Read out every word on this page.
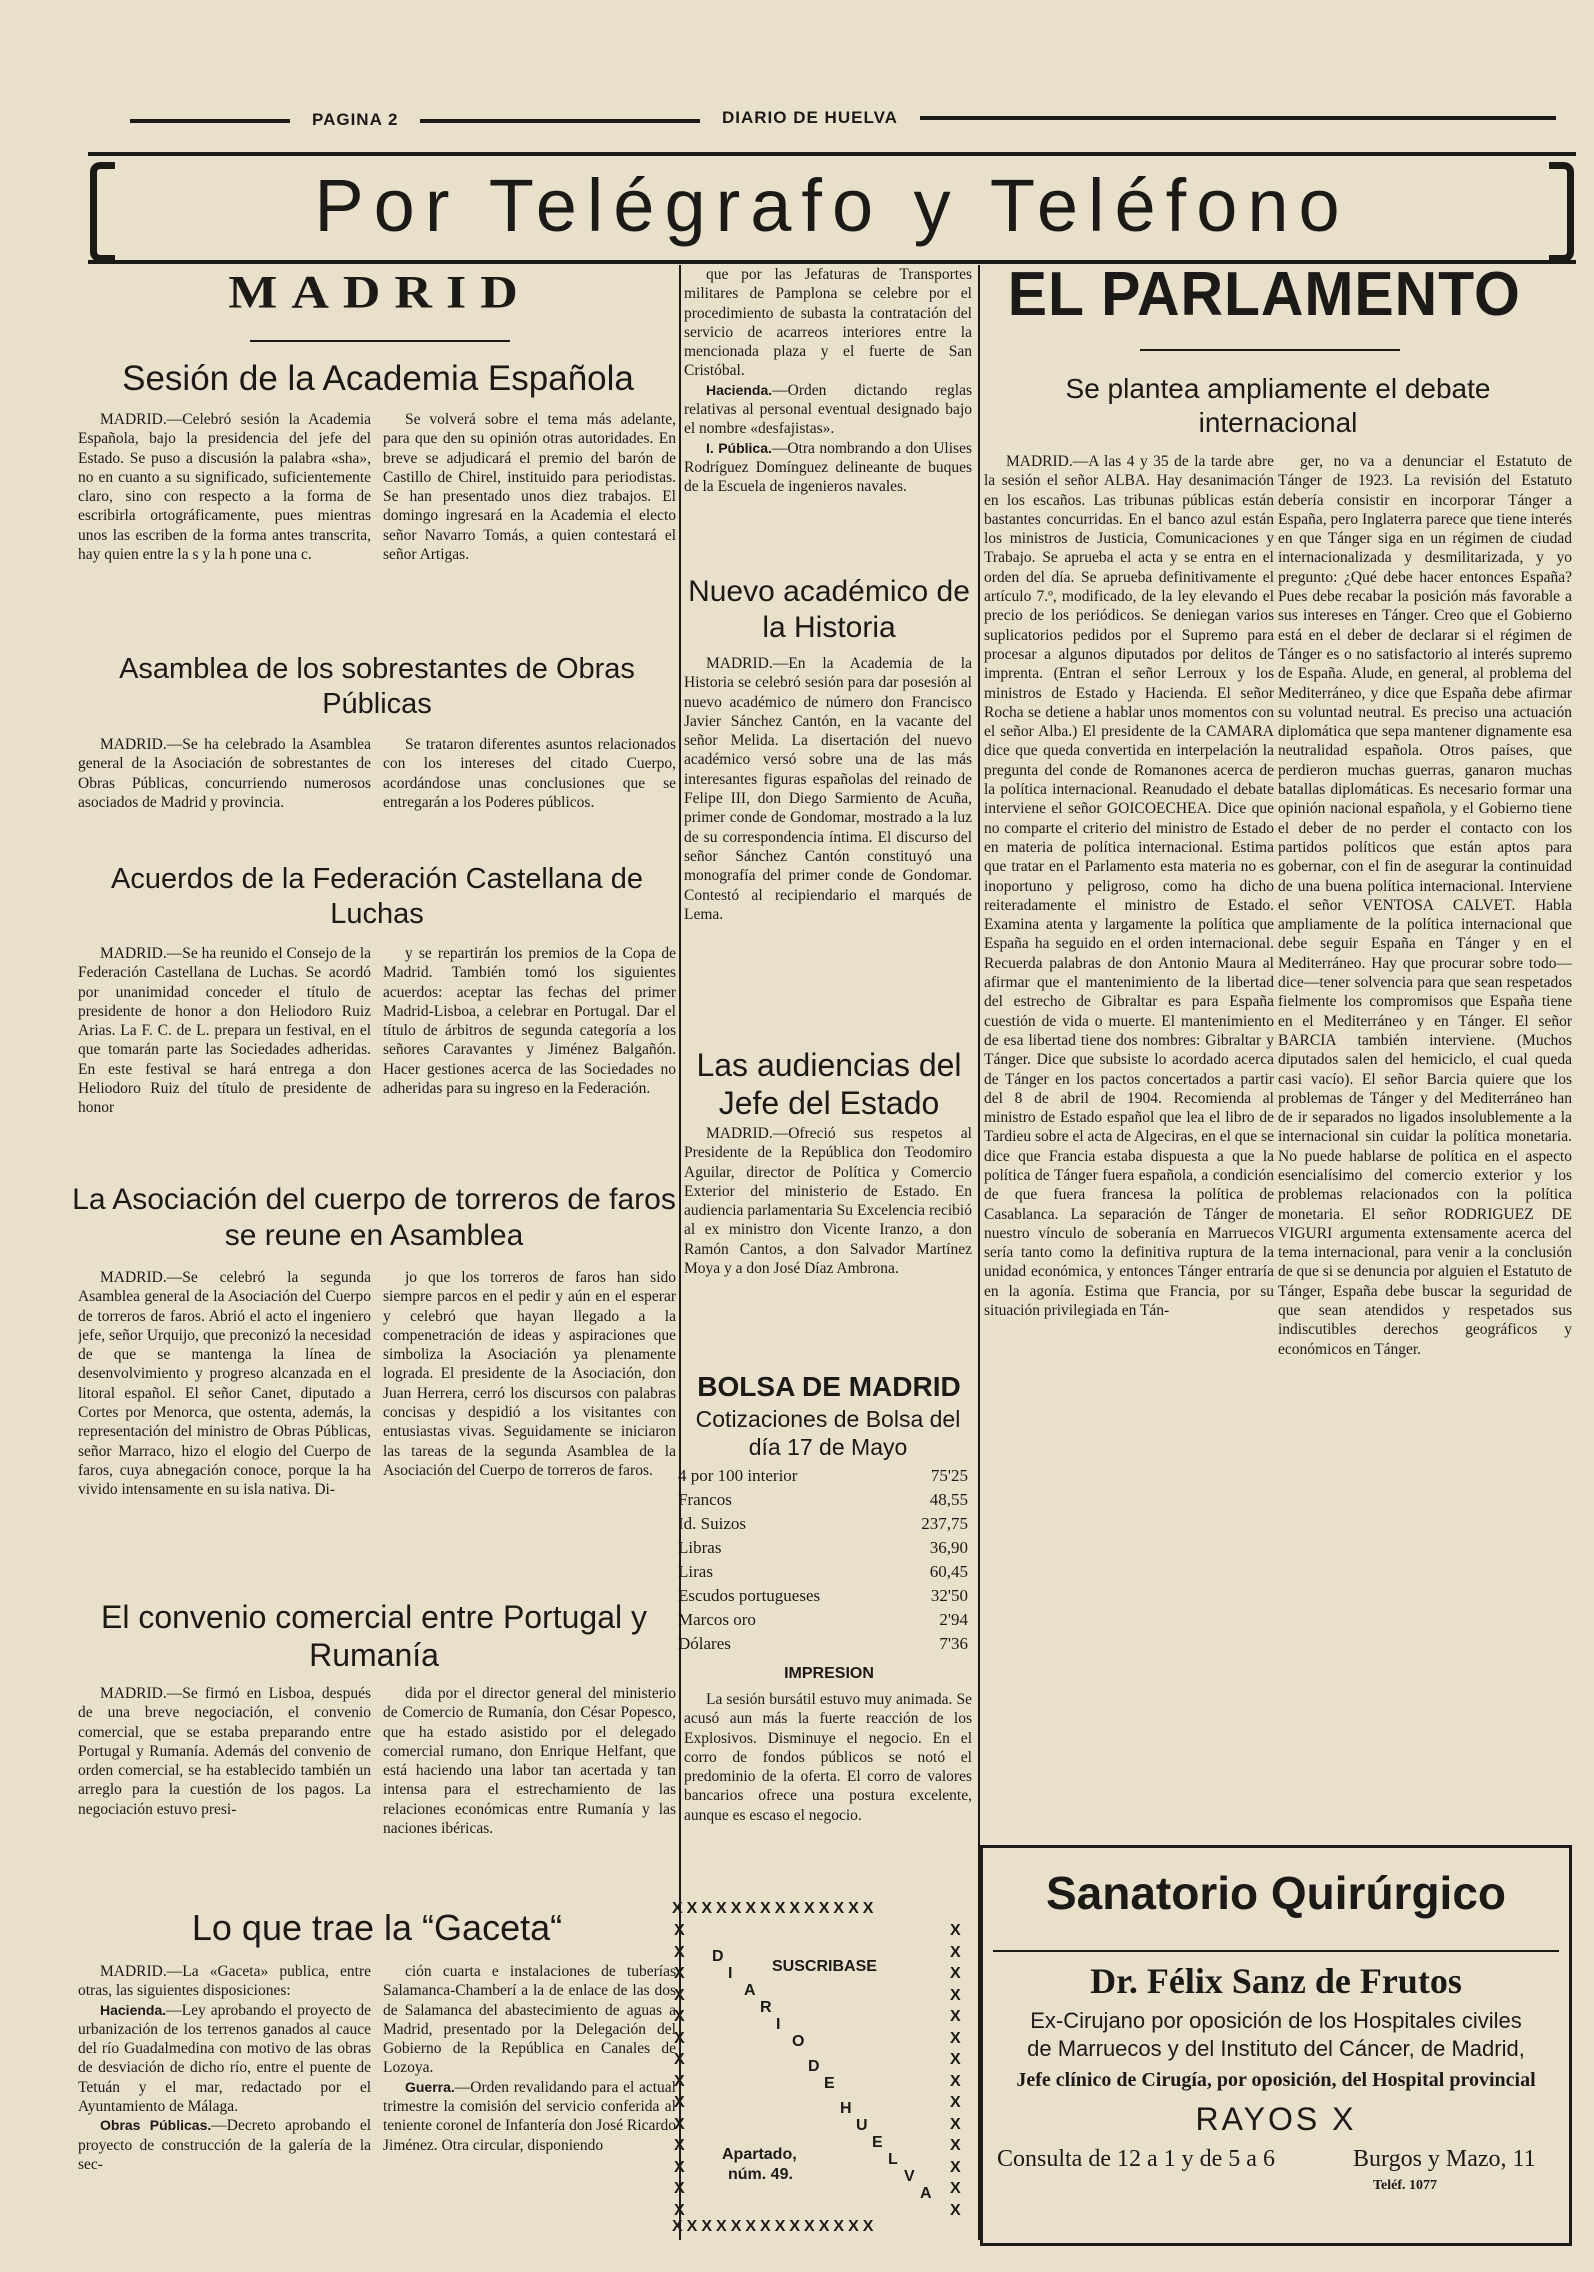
PAGINA 2	DIARIO DE HUELVA
Por Telégrafo y Teléfono
MADRID
Sesión de la Academia Española

MADRID.—Celebró sesión la Academia Española, bajo la presidencia del jefe del Estado. Se puso a discusión la palabra «sha», no en cuanto a su significado, suficientemente claro, sino con respecto a la forma de escribirla ortográficamente, pues mientras unos las escriben de la forma antes transcrita, hay quien entre la s y la h pone una c.

Se volverá sobre el tema más adelante, para que den su opinión otras autoridades. En breve se adjudicará el premio del barón de Castillo de Chirel, instituido para periodistas. Se han presentado unos diez trabajos. El domingo ingresará en la Academia el electo señor Navarro Tomás, a quien contestará el señor Artigas.

Asamblea de los sobrestantes de Obras Públicas

MADRID.—Se ha celebrado la Asamblea general de la Asociación de sobrestantes de Obras Públicas, concurriendo numerosos asociados de Madrid y provincia.

Se trataron diferentes asuntos relacionados con los intereses del citado Cuerpo, acordándose unas conclusiones que se entregarán a los Poderes públicos.

Acuerdos de la Federación Castellana de Luchas

MADRID.—Se ha reunido el Consejo de la Federación Castellana de Luchas. Se acordó por unanimidad conceder el título de presidente de honor a don Heliodoro Ruiz Arias. La F. C. de L. prepara un festival, en el que tomarán parte las Sociedades adheridas. En este festival se hará entrega a don Heliodoro Ruiz del título de presidente de honor

y se repartirán los premios de la Copa de Madrid. También tomó los siguientes acuerdos: aceptar las fechas del primer Madrid-Lisboa, a celebrar en Portugal. Dar el título de árbitros de segunda categoría a los señores Caravantes y Jiménez Balgañón. Hacer gestiones acerca de las Sociedades no adheridas para su ingreso en la Federación.

La Asociación del cuerpo de torreros de faros se reune en Asamblea

MADRID.—Se celebró la segunda Asamblea general de la Asociación del Cuerpo de torreros de faros. Abrió el acto el ingeniero jefe, señor Urquijo, que preconizó la necesidad de que se mantenga la línea de desenvolvimiento y progreso alcanzada en el litoral español. El señor Canet, diputado a Cortes por Menorca, que ostenta, además, la representación del ministro de Obras Públicas, señor Marraco, hizo el elogio del Cuerpo de faros, cuya abnegación conoce, porque la ha vivido intensamente en su isla nativa. Di-

jo que los torreros de faros han sido siempre parcos en el pedir y aún en el esperar y celebró que hayan llegado a la compenetración de ideas y aspiraciones que simboliza la Asociación ya plenamente lograda. El presidente de la Asociación, don Juan Herrera, cerró los discursos con palabras concisas y despidió a los visitantes con entusiastas vivas. Seguidamente se iniciaron las tareas de la segunda Asamblea de la Asociación del Cuerpo de torreros de faros.

El convenio comercial entre Portugal y Rumanía

MADRID.—Se firmó en Lisboa, después de una breve negociación, el convenio comercial, que se estaba preparando entre Portugal y Rumanía. Además del convenio de orden comercial, se ha establecido también un arreglo para la cuestión de los pagos. La negociación estuvo presi-

dida por el director general del ministerio de Comercio de Rumanía, don César Popesco, que ha estado asistido por el delegado comercial rumano, don Enrique Helfant, que está haciendo una labor tan acertada y tan intensa para el estrechamiento de las relaciones económicas entre Rumanía y las naciones ibéricas.

Lo que trae la “Gaceta“

MADRID.—La «Gaceta» publica, entre otras, las siguientes disposiciones:

Hacienda.—Ley aprobando el proyecto de urbanización de los terrenos ganados al cauce del río Guadalmedina con motivo de las obras de desviación de dicho río, entre el puente de Tetuán y el mar, redactado por el Ayuntamiento de Málaga.

Obras Públicas.—Decreto aprobando el proyecto de construcción de la galería de la sec-

ción cuarta e instalaciones de tuberías Salamanca-Chamberí a la de enlace de las dos de Salamanca del abastecimiento de aguas a Madrid, presentado por la Delegación del Gobierno de la República en Canales de Lozoya.

Guerra.—Orden revalidando para el actual trimestre la comisión del servicio conferida al teniente coronel de Infantería don José Ricardo Jiménez. Otra circular, disponiendo

que por las Jefaturas de Transportes militares de Pamplona se celebre por el procedimiento de subasta la contratación del servicio de acarreos interiores entre la mencionada plaza y el fuerte de San Cristóbal.

Hacienda.—Orden dictando reglas relativas al personal eventual designado bajo el nombre «desfajistas».

I. Pública.—Otra nombrando a don Ulises Rodríguez Domínguez delineante de buques de la Escuela de ingenieros navales.

Nuevo académico de la Historia

MADRID.—En la Academia de la Historia se celebró sesión para dar posesión al nuevo académico de número don Francisco Javier Sánchez Cantón, en la vacante del señor Melida. La disertación del nuevo académico versó sobre una de las más interesantes figuras españolas del reinado de Felipe III, don Diego Sarmiento de Acuña, primer conde de Gondomar, mostrado a la luz de su correspondencia íntima. El discurso del señor Sánchez Cantón constituyó una monografía del primer conde de Gondomar. Contestó al recipiendario el marqués de Lema.

Las audiencias del Jefe del Estado

MADRID.—Ofreció sus respetos al Presidente de la República don Teodomiro Aguilar, director de Política y Comercio Exterior del ministerio de Estado. En audiencia parlamentaria Su Excelencia recibió al ex ministro don Vicente Iranzo, a don Ramón Cantos, a don Salvador Martínez Moya y a don José Díaz Ambrona.

BOLSA DE MADRID
Cotizaciones de Bolsa del día 17 de Mayo
4 por 100 interior	75'25
Francos	48,55
Id. Suizos	237,75
Libras	36,90
Liras	60,45
Escudos portugueses	32'50
Marcos oro	2'94
Dólares	7'36
IMPRESION

La sesión bursátil estuvo muy animada. Se acusó aun más la fuerte reacción de los Explosivos. Disminuye el negocio. En el corro de fondos públicos se notó el predominio de la oferta. El corro de valores bancarios ofrece una postura excelente, aunque es escaso el negocio.

XXXXXXXXXXXXXX
XXXXXXXXXXXXXX
X
X
X
X
X
X
X
X
X
X
X
X
X
X
X
X
X
X
X
X
X
X
X
X
X
X
X
X
SUSCRIBASE
D
I
A
R
I
O
D
E
H
U
E
L
V
A
Apartado,
núm. 49.
EL PARLAMENTO
Se plantea ampliamente el debate internacional

MADRID.—A las 4 y 35 de la tarde abre la sesión el señor ALBA. Hay desanimación en los escaños. Las tribunas públicas están bastantes concurridas. En el banco azul están los ministros de Justicia, Comunicaciones y Trabajo. Se aprueba el acta y se entra en el orden del día. Se aprueba definitivamente el artículo 7.º, modificado, de la ley elevando el precio de los periódicos. Se deniegan varios suplicatorios pedidos por el Supremo para procesar a algunos diputados por delitos de imprenta. (Entran el señor Lerroux y los ministros de Estado y Hacienda. El señor Rocha se detiene a hablar unos momentos con el señor Alba.) El presidente de la CAMARA dice que queda convertida en interpelación la pregunta del conde de Romanones acerca de la política internacional. Reanudado el debate interviene el señor GOICOECHEA. Dice que no comparte el criterio del ministro de Estado en materia de política internacional. Estima que tratar en el Parlamento esta materia no es inoportuno y peligroso, como ha dicho reiteradamente el ministro de Estado. Examina atenta y largamente la política que España ha seguido en el orden internacional. Recuerda palabras de don Antonio Maura al afirmar que el mantenimiento de la libertad del estrecho de Gibraltar es para España cuestión de vida o muerte. El mantenimiento de esa libertad tiene dos nombres: Gibraltar y Tánger. Dice que subsiste lo acordado acerca de Tánger en los pactos concertados a partir del 8 de abril de 1904. Recomienda al ministro de Estado español que lea el libro de Tardieu sobre el acta de Algeciras, en el que se dice que Francia estaba dispuesta a que la política de Tánger fuera española, a condición de que fuera francesa la política de Casablanca. La separación de Tánger de nuestro vínculo de soberanía en Marruecos sería tanto como la definitiva ruptura de la unidad económica, y entonces Tánger entraría en la agonía. Estima que Francia, por su situación privilegiada en Tán-

ger, no va a denunciar el Estatuto de Tánger de 1923. La revisión del Estatuto debería consistir en incorporar Tánger a España, pero Inglaterra parece que tiene interés en que Tánger siga en un régimen de ciudad internacionalizada y desmilitarizada, y yo pregunto: ¿Qué debe hacer entonces España? Pues debe recabar la posición más favorable a sus intereses en Tánger. Creo que el Gobierno está en el deber de declarar si el régimen de Tánger es o no satisfactorio al interés supremo de España. Alude, en general, al problema del Mediterráneo, y dice que España debe afirmar su voluntad neutral. Es preciso una actuación diplomática que sepa mantener dignamente esa neutralidad española. Otros países, que perdieron muchas guerras, ganaron muchas batallas diplomáticas. Es necesario formar una opinión nacional española, y el Gobierno tiene el deber de no perder el contacto con los partidos políticos que están aptos para gobernar, con el fin de asegurar la continuidad de una buena política internacional. Interviene el señor VENTOSA CALVET. Habla ampliamente de la política internacional que debe seguir España en Tánger y en el Mediterráneo. Hay que procurar sobre todo—dice—tener solvencia para que sean respetados fielmente los compromisos que España tiene en el Mediterráneo y en Tánger. El señor BARCIA también interviene. (Muchos diputados salen del hemiciclo, el cual queda casi vacío). El señor Barcia quiere que los problemas de Tánger y del Mediterráneo han de ir separados no ligados insolublemente a la internacional sin cuidar la política monetaria. No puede hablarse de política en el aspecto esencialísimo del comercio exterior y los problemas relacionados con la política monetaria. El señor RODRIGUEZ DE VIGURI argumenta extensamente acerca del tema internacional, para venir a la conclusión de que si se denuncia por alguien el Estatuto de Tánger, España debe buscar la seguridad de que sean atendidos y respetados sus indiscutibles derechos geográficos y económicos en Tánger.

Sanatorio Quirúrgico
Dr. Félix Sanz de Frutos
Ex-Cirujano por oposición de los Hospitales civiles
de Marruecos y del Instituto del Cáncer, de Madrid,
Jefe clínico de Cirugía, por oposición, del Hospital provincial
RAYOS X
Consulta de 12 a 1 y de 5 a 6	Burgos y Mazo, 11
Teléf. 1077
